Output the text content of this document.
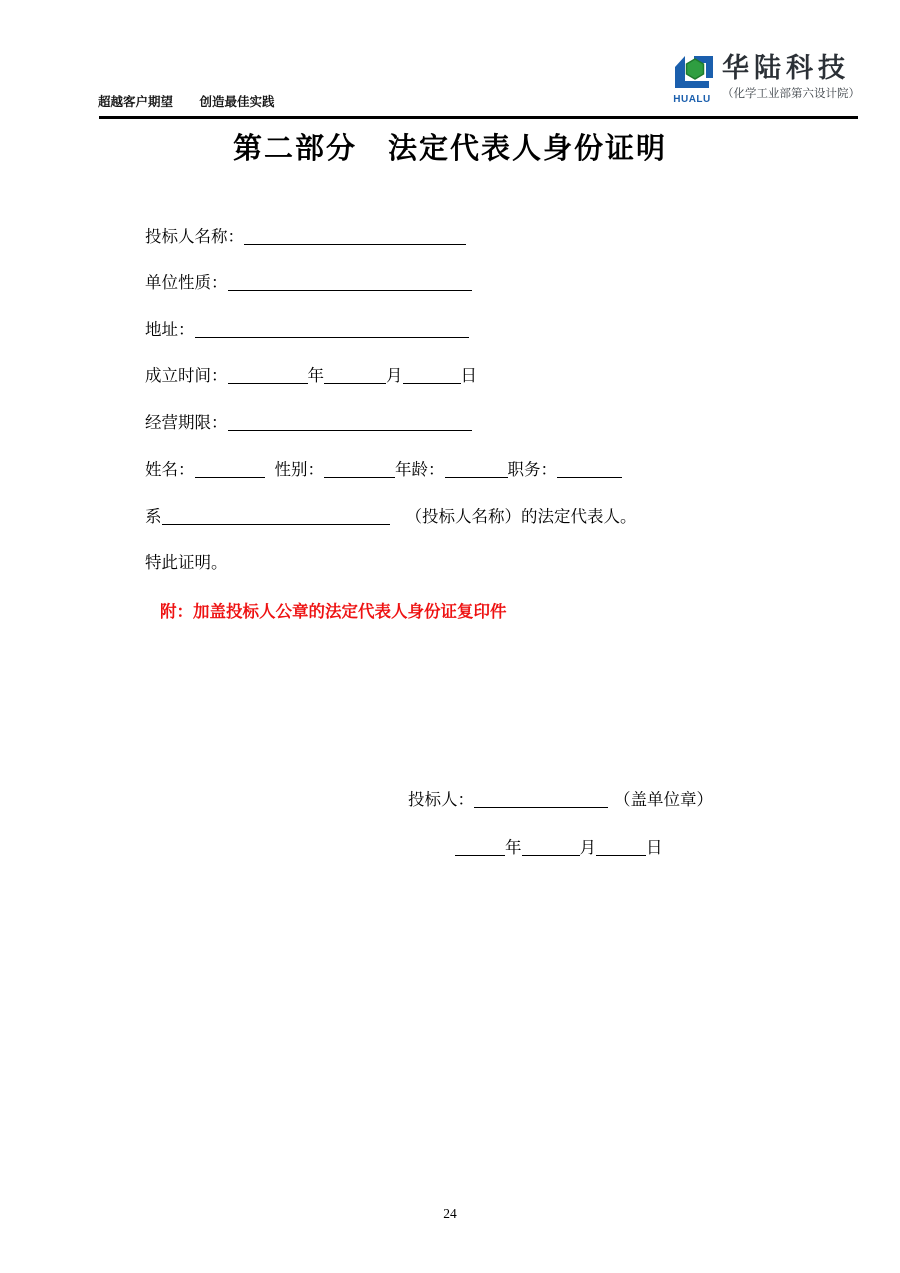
超越客户期望 创造最佳实践	HUALU
华陆科技
（化学工业部第六设计院）
第二部分　法定代表人身份证明
投标人名称：
单位性质：
地址：
成立时间：	年	月	日
经营期限：
姓名：	性别：	年龄：	职务：
系	（投标人名称）的法定代表人。
特此证明。
附：加盖投标人公章的法定代表人身份证复印件
投标人：	（盖单位章）
年	月	日
24
